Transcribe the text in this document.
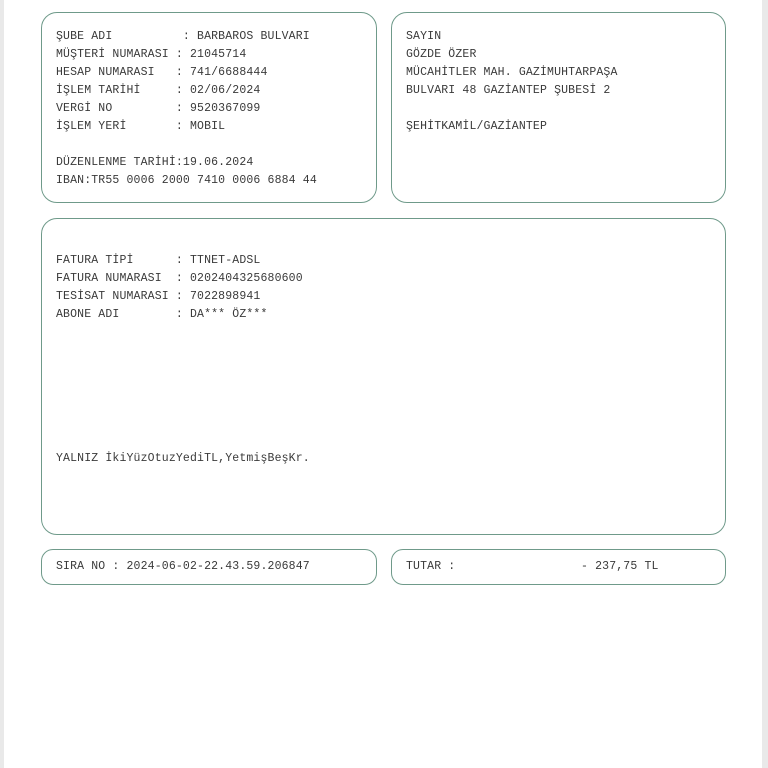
ŞUBE ADI          : BARBAROS BULVARI
MÜŞTERİ NUMARASI : 21045714
HESAP NUMARASI   : 741/6688444
İŞLEM TARİHİ     : 02/06/2024
VERGİ NO         : 9520367099
İŞLEM YERİ       : MOBIL
DÜZENLENME TARİHİ:19.06.2024
IBAN:TR55 0006 2000 7410 0006 6884 44
SAYIN
GÖZDE ÖZER
MÜCAHİTLER MAH. GAZİMUHTARPAŞA
BULVARI 48 GAZİANTEP ŞUBESİ 2
ŞEHİTKAMİL/GAZİANTEP
FATURA TİPİ      : TTNET-ADSL
FATURA NUMARASI  : 0202404325680600
TESİSAT NUMARASI : 7022898941
ABONE ADI        : DA*** ÖZ***
YALNIZ İkiYüzOtuzYediTL,YetmişBeşKr.
SIRA NO : 2024-06-02-22.43.59.206847	TUTAR :	- 237,75 TL
